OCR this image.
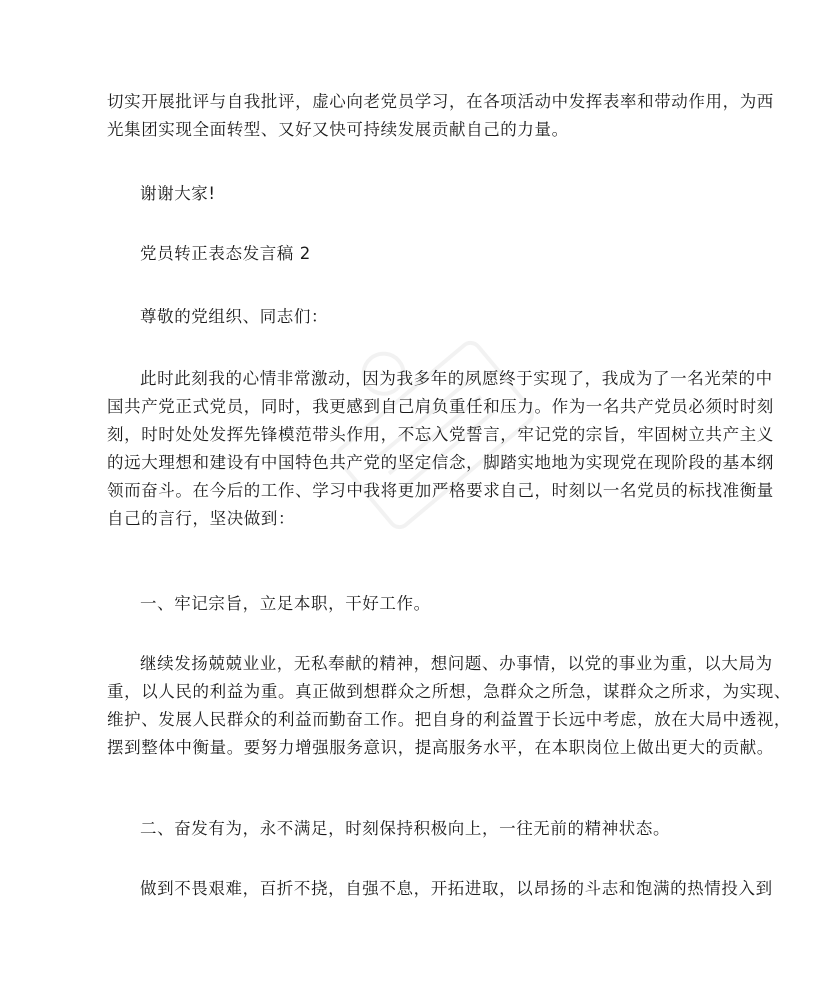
切实开展批评与自我批评，虚心向老党员学习，在各项活动中发挥表率和带动作用，为西
光集团实现全面转型、又好又快可持续发展贡献自己的力量。

谢谢大家!

党员转正表态发言稿 2

尊敬的党组织、同志们：

此时此刻我的心情非常激动，因为我多年的夙愿终于实现了，我成为了一名光荣的中
国共产党正式党员，同时，我更感到自己肩负重任和压力。作为一名共产党员必须时时刻
刻，时时处处发挥先锋模范带头作用，不忘入党誓言，牢记党的宗旨，牢固树立共产主义
的远大理想和建设有中国特色共产党的坚定信念，脚踏实地地为实现党在现阶段的基本纲
领而奋斗。在今后的工作、学习中我将更加严格要求自己，时刻以一名党员的标找准衡量
自己的言行，坚决做到：

一、牢记宗旨，立足本职，干好工作。

继续发扬兢兢业业，无私奉献的精神，想问题、办事情，以党的事业为重，以大局为
重，以人民的利益为重。真正做到想群众之所想，急群众之所急，谋群众之所求，为实现、
维护、发展人民群众的利益而勤奋工作。把自身的利益置于长远中考虑，放在大局中透视，
摆到整体中衡量。要努力增强服务意识，提高服务水平，在本职岗位上做出更大的贡献。

二、奋发有为，永不满足，时刻保持积极向上，一往无前的精神状态。

做到不畏艰难，百折不挠，自强不息，开拓进取，以昂扬的斗志和饱满的热情投入到
